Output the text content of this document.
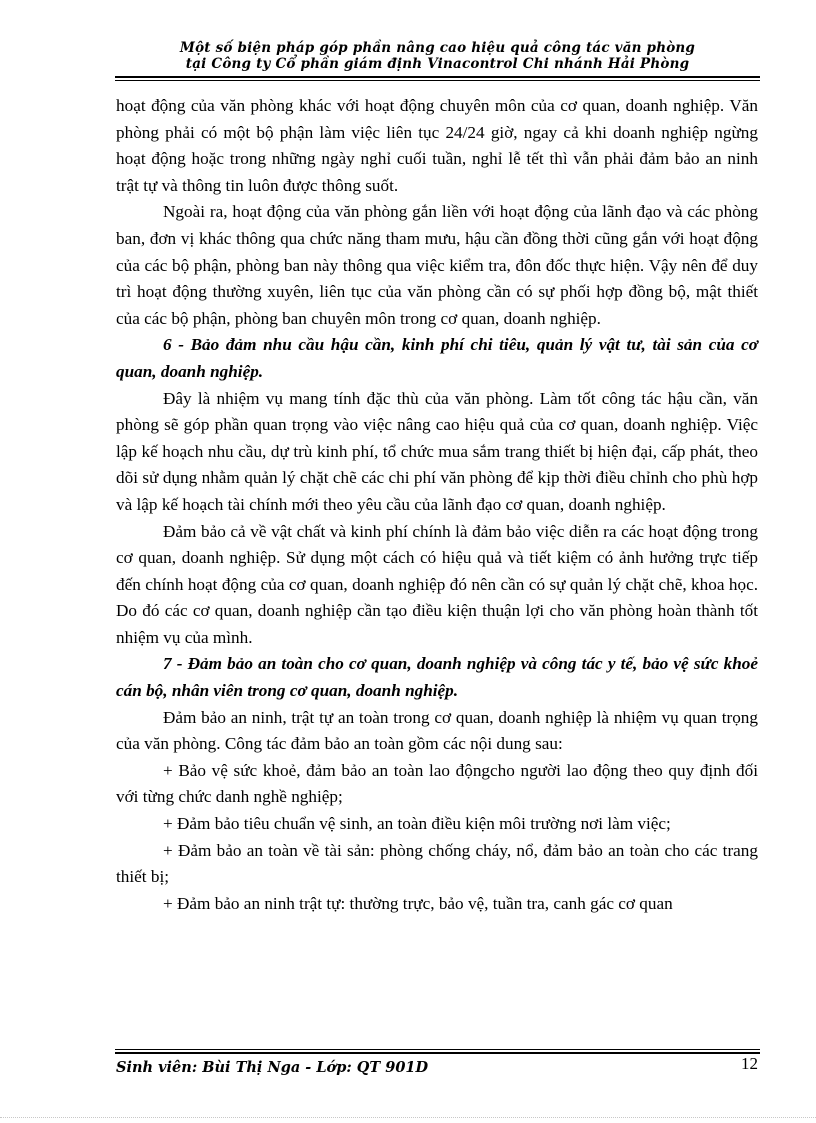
Một số biện pháp góp phần nâng cao hiệu quả công tác văn phòng
tại Công ty Cổ phần giám định Vinacontrol Chi nhánh Hải Phòng

hoạt động của văn phòng khác với hoạt động chuyên môn của cơ quan, doanh nghiệp. Văn phòng phải có một bộ phận làm việc liên tục 24/24 giờ, ngay cả khi doanh nghiệp ngừng hoạt động hoặc trong những ngày nghỉ cuối tuần, nghỉ lễ tết thì vẫn phải đảm bảo an ninh trật tự và thông tin luôn được thông suốt.

Ngoài ra, hoạt động của văn phòng gắn liền với hoạt động của lãnh đạo và các phòng ban, đơn vị khác thông qua chức năng tham mưu, hậu cần đồng thời cũng gắn với hoạt động của các bộ phận, phòng ban này thông qua việc kiểm tra, đôn đốc thực hiện. Vậy nên để duy trì hoạt động thường xuyên, liên tục của văn phòng cần có sự phối hợp đồng bộ, mật thiết của các bộ phận, phòng ban chuyên môn trong cơ quan, doanh nghiệp.

6 - Bảo đảm nhu cầu hậu cần, kinh phí chi tiêu, quản lý vật tư, tài sản của cơ quan, doanh nghiệp.

Đây là nhiệm vụ mang tính đặc thù của văn phòng. Làm tốt công tác hậu cần, văn phòng sẽ góp phần quan trọng vào việc nâng cao hiệu quả của cơ quan, doanh nghiệp. Việc lập kế hoạch nhu cầu, dự trù kinh phí, tổ chức mua sắm trang thiết bị hiện đại, cấp phát, theo dõi sử dụng nhằm quản lý chặt chẽ các chi phí văn phòng để kịp thời điều chỉnh cho phù hợp và lập kế hoạch tài chính mới theo yêu cầu của lãnh đạo cơ quan, doanh nghiệp.

Đảm bảo cả về vật chất và kinh phí chính là đảm bảo việc diễn ra các hoạt động trong cơ quan, doanh nghiệp. Sử dụng một cách có hiệu quả và tiết kiệm có ảnh hưởng trực tiếp đến chính hoạt động của cơ quan, doanh nghiệp đó nên cần có sự quản lý chặt chẽ, khoa học. Do đó các cơ quan, doanh nghiệp cần tạo điều kiện thuận lợi cho văn phòng hoàn thành tốt nhiệm vụ của mình.

7 - Đảm bảo an toàn cho cơ quan, doanh nghiệp và công tác y tế, bảo vệ sức khoẻ cán bộ, nhân viên trong cơ quan, doanh nghiệp.

Đảm bảo an ninh, trật tự an toàn trong cơ quan, doanh nghiệp là nhiệm vụ quan trọng của văn phòng. Công tác đảm bảo an toàn gồm các nội dung sau:

+ Bảo vệ sức khoẻ, đảm bảo an toàn lao độngcho người lao động theo quy định đối với từng chức danh nghề nghiệp;

+ Đảm bảo tiêu chuẩn vệ sinh, an toàn điều kiện môi trường nơi làm việc;

+ Đảm bảo an toàn về tài sản: phòng chống cháy, nổ, đảm bảo an toàn cho các trang thiết bị;

+ Đảm bảo an ninh trật tự: thường trực, bảo vệ, tuần tra, canh gác cơ quan

Sinh viên: Bùi Thị Nga - Lớp: QT 901D	12
